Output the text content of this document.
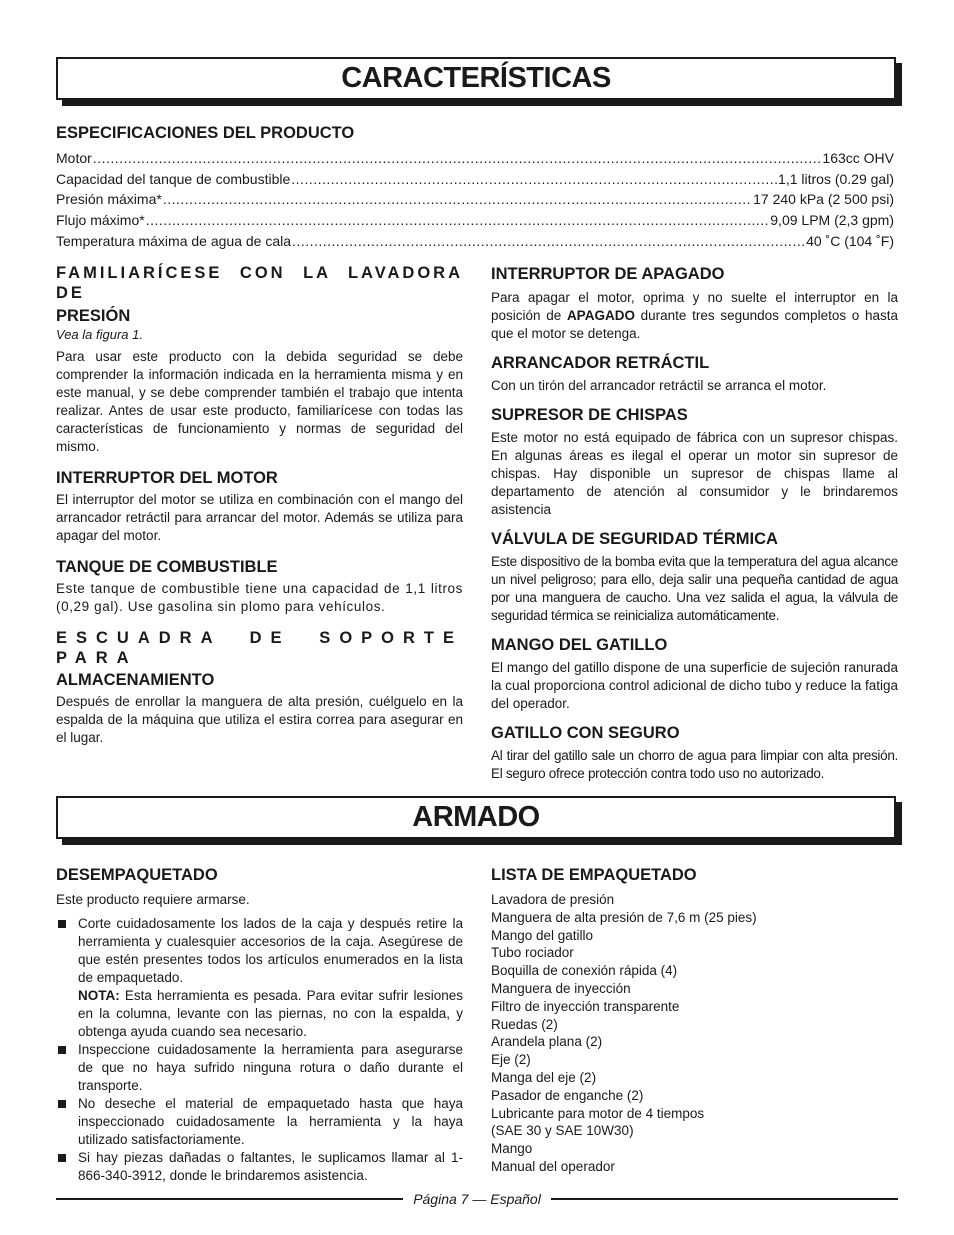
CARACTERÍSTICAS

ESPECIFICACIONES DEL PRODUCTO

Motor .....	163cc OHV
Capacidad del tanque de combustible .....	1,1 litros (0.29 gal)
Presión máxima* .....	17 240 kPa (2 500 psi)
Flujo máximo* .....	9,09 LPM (2,3 gpm)
Temperatura máxima de agua de cala .....	40 ˚C (104 ˚F)

FAMILIARÍCESE CON LA LAVADORA DE

PRESIÓN

Vea la figura 1.

Para usar este producto con la debida seguridad se debe comprender la información indicada en la herramienta misma y en este manual, y se debe comprender también el trabajo que intenta realizar. Antes de usar este producto, familiarícese con todas las características de funcionamiento y normas de seguridad del mismo.

INTERRUPTOR DEL MOTOR

El interruptor del motor se utiliza en combinación con el mango del arrancador retráctil para arrancar del motor. Además se utiliza para apagar del motor.

TANQUE DE COMBUSTIBLE

Este tanque de combustible tiene una capacidad de 1,1 litros (0,29 gal). Use gasolina sin plomo para vehículos.

ESCUADRA DE SOPORTE PARA

ALMACENAMIENTO

Después de enrollar la manguera de alta presión, cuélguelo en la espalda de la máquina que utiliza el estira correa para asegurar en el lugar.

INTERRUPTOR DE APAGADO

Para apagar el motor, oprima y no suelte el interruptor en la posición de APAGADO durante tres segundos completos o hasta que el motor se detenga.

ARRANCADOR RETRÁCTIL

Con un tirón del arrancador retráctil se arranca el motor.

SUPRESOR DE CHISPAS

Este motor no está equipado de fábrica con un supresor chispas. En algunas áreas es ilegal el operar un motor sin supresor de chispas. Hay disponible un supresor de chispas llame al departamento de atención al consumidor y le brindaremos asistencia

VÁLVULA DE SEGURIDAD TÉRMICA

Este dispositivo de la bomba evita que la temperatura del agua alcance un nivel peligroso; para ello, deja salir una pequeña cantidad de agua por una manguera de caucho. Una vez salida el agua, la válvula de seguridad térmica se reinicializa automáticamente.

MANGO DEL GATILLO

El mango del gatillo dispone de una superficie de sujeción ranurada la cual proporciona control adicional de dicho tubo y reduce la fatiga del operador.

GATILLO CON SEGURO

Al tirar del gatillo sale un chorro de agua para limpiar con alta presión. El seguro ofrece protección contra todo uso no autorizado.

ARMADO

DESEMPAQUETADO

Este producto requiere armarse.

Corte cuidadosamente los lados de la caja y después retire la herramienta y cualesquier accesorios de la caja. Asegúrese de que estén presentes todos los artículos enumerados en la lista de empaquetado.
NOTA: Esta herramienta es pesada. Para evitar sufrir lesiones en la columna, levante con las piernas, no con la espalda, y obtenga ayuda cuando sea necesario.
Inspeccione cuidadosamente la herramienta para asegurarse de que no haya sufrido ninguna rotura o daño durante el transporte.
No deseche el material de empaquetado hasta que haya inspeccionado cuidadosamente la herramienta y la haya utilizado satisfactoriamente.
Si hay piezas dañadas o faltantes, le suplicamos llamar al 1-866-340-3912, donde le brindaremos asistencia.

LISTA DE EMPAQUETADO

Lavadora de presión
Manguera de alta presión de 7,6 m (25 pies)
Mango del gatillo
Tubo rociador
Boquilla de conexión rápida (4)
Manguera de inyección
Filtro de inyección transparente
Ruedas (2)
Arandela plana (2)
Eje (2)
Manga del eje (2)
Pasador de enganche (2)
Lubricante para motor de 4 tiempos
(SAE 30 y SAE 10W30)
Mango
Manual del operador
Página 7 — Español
